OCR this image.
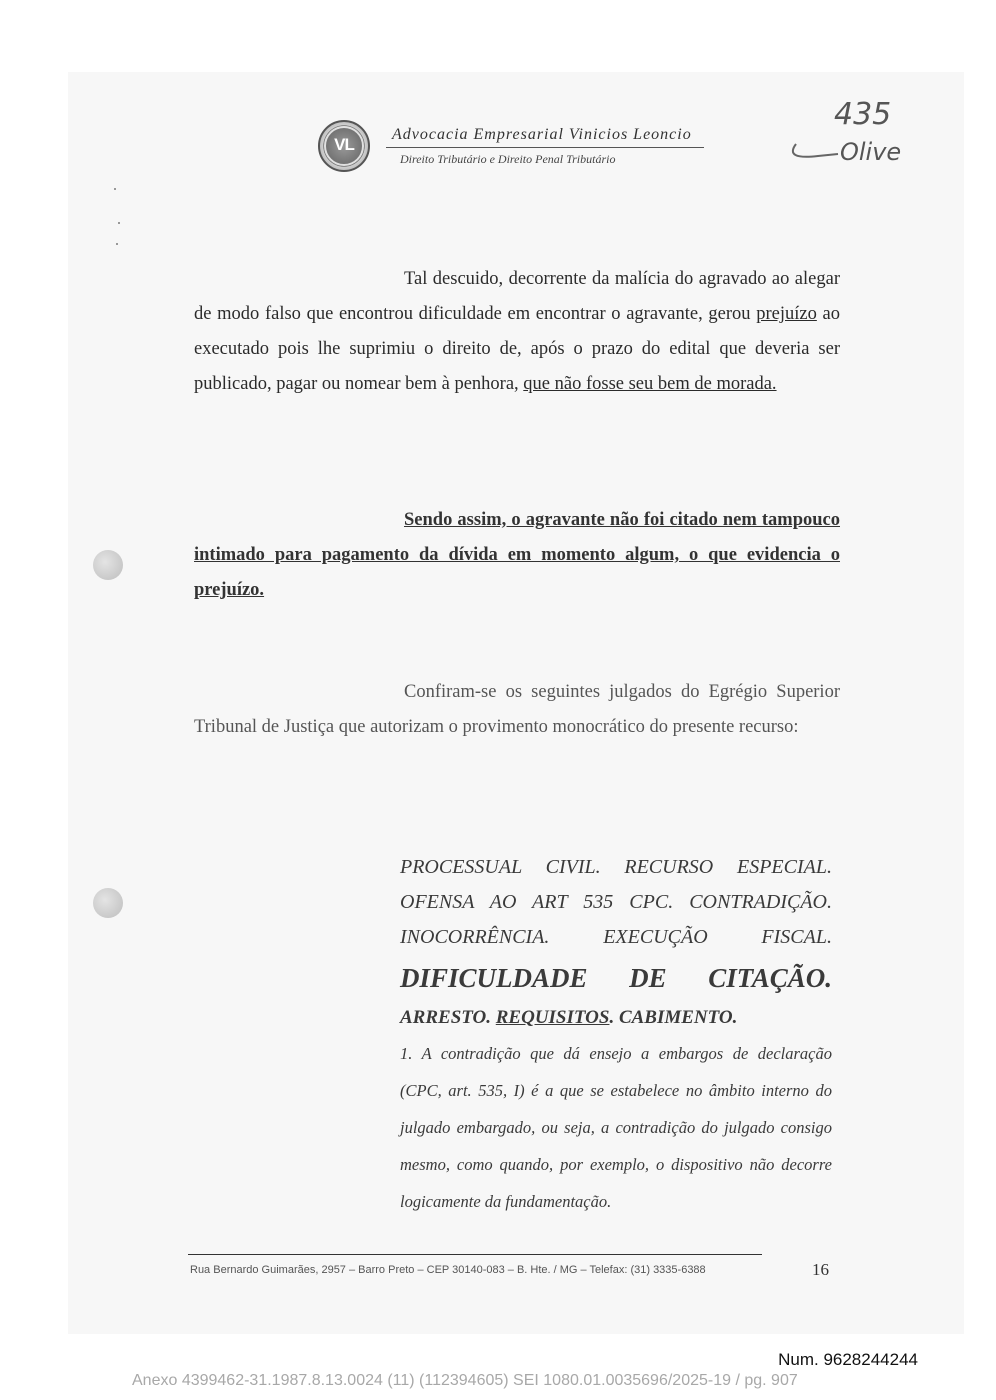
VL
Advocacia Empresarial Vinicios Leoncio
Direito Tributário e Direito Penal Tributário
435
Olive

Tal descuido, decorrente da malícia do agravado ao alegar de modo falso que encontrou dificuldade em encontrar o agravante, gerou prejuízo ao executado pois lhe suprimiu o direito de, após o prazo do edital que deveria ser publicado, pagar ou nomear bem à penhora, que não fosse seu bem de morada.

Sendo assim, o agravante não foi citado nem tampouco intimado para pagamento da dívida em momento algum, o que evidencia o prejuízo.

Confiram-se os seguintes julgados do Egrégio Superior Tribunal de Justiça que autorizam o provimento monocrático do presente recurso:

PROCESSUAL CIVIL. RECURSO ESPECIAL.
OFENSA AO ART 535 CPC. CONTRADIÇÃO.
INOCORRÊNCIA. EXECUÇÃO FISCAL.
DIFICULDADE DE CITAÇÃO.
ARRESTO. REQUISITOS. CABIMENTO.
1. A contradição que dá ensejo a embargos de declaração
(CPC, art. 535, I) é a que se estabelece no âmbito interno do
julgado embargado, ou seja, a contradição do julgado consigo
mesmo, como quando, por exemplo, o dispositivo não decorre
logicamente da fundamentação.
Rua Bernardo Guimarães, 2957 – Barro Preto – CEP 30140-083 – B. Hte. / MG – Telefax: (31) 3335-6388	16
Num. 9628244244
Anexo 4399462-31.1987.8.13.0024 (11) (112394605) SEI 1080.01.0035696/2025-19 / pg. 907
